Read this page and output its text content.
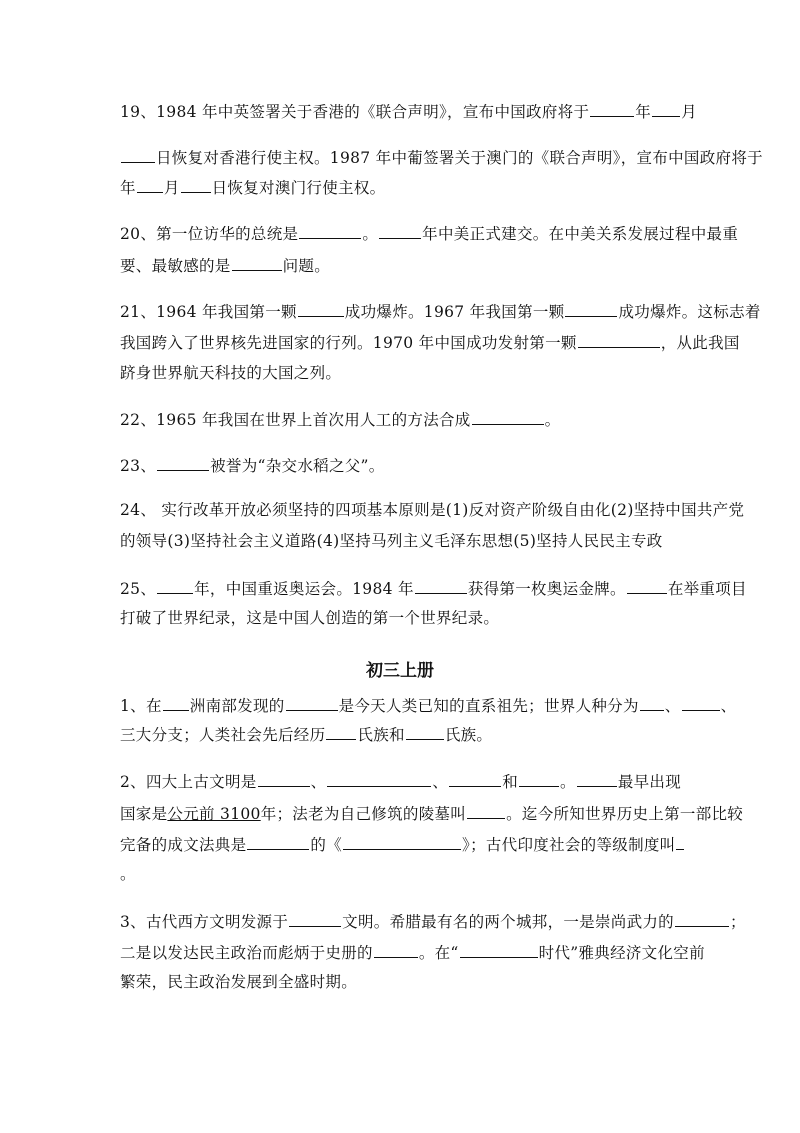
19、1984 年中英签署关于香港的《联合声明》，宣布中国政府将于	年 月
日恢复对香港行使主权。1987 年中葡签署关于澳门的《联合声明》，宣布中国政府将于
年 月 日恢复对澳门行使主权。
20、第一位访华的总统是	。	年中美正式建交。在中美关系发展过程中最重
要、最敏感的是	问题。
21、1964 年我国第一颗	成功爆炸。1967 年我国第一颗	成功爆炸。这标志着
我国跨入了世界核先进国家的行列。1970 年中国成功发射第一颗	，从此我国
跻身世界航天科技的大国之列。
22、1965 年我国在世界上首次用人工的方法合成	。
23、	被誉为“杂交水稻之父”。
24、 实行改革开放必须坚持的四项基本原则是(1)反对资产阶级自由化(2)坚持中国共产党
的领导(3)坚持社会主义道路(4)坚持马列主义毛泽东思想(5)坚持人民民主专政
25、 年，中国重返奥运会。1984 年	获得第一枚奥运金牌。	在举重项目
打破了世界纪录，这是中国人创造的第一个世界纪录。
初三上册
1、在 洲南部发现的	是今天人类已知的直系祖先；世界人种分为 、	、
三大分支；人类社会先后经历 氏族和	氏族。
2、四大上古文明是	、	、	和	。	最早出现
国家是公元前 3100年；法老为自己修筑的陵墓叫	。迄今所知世界历史上第一部比较
完备的成文法典是	的《	》；古代印度社会的等级制度叫
。
3、古代西方文明发源于	文明。希腊最有名的两个城邦，一是崇尚武力的	；
二是以发达民主政治而彪炳于史册的	。在“	时代”雅典经济文化空前
繁荣，民主政治发展到全盛时期。
